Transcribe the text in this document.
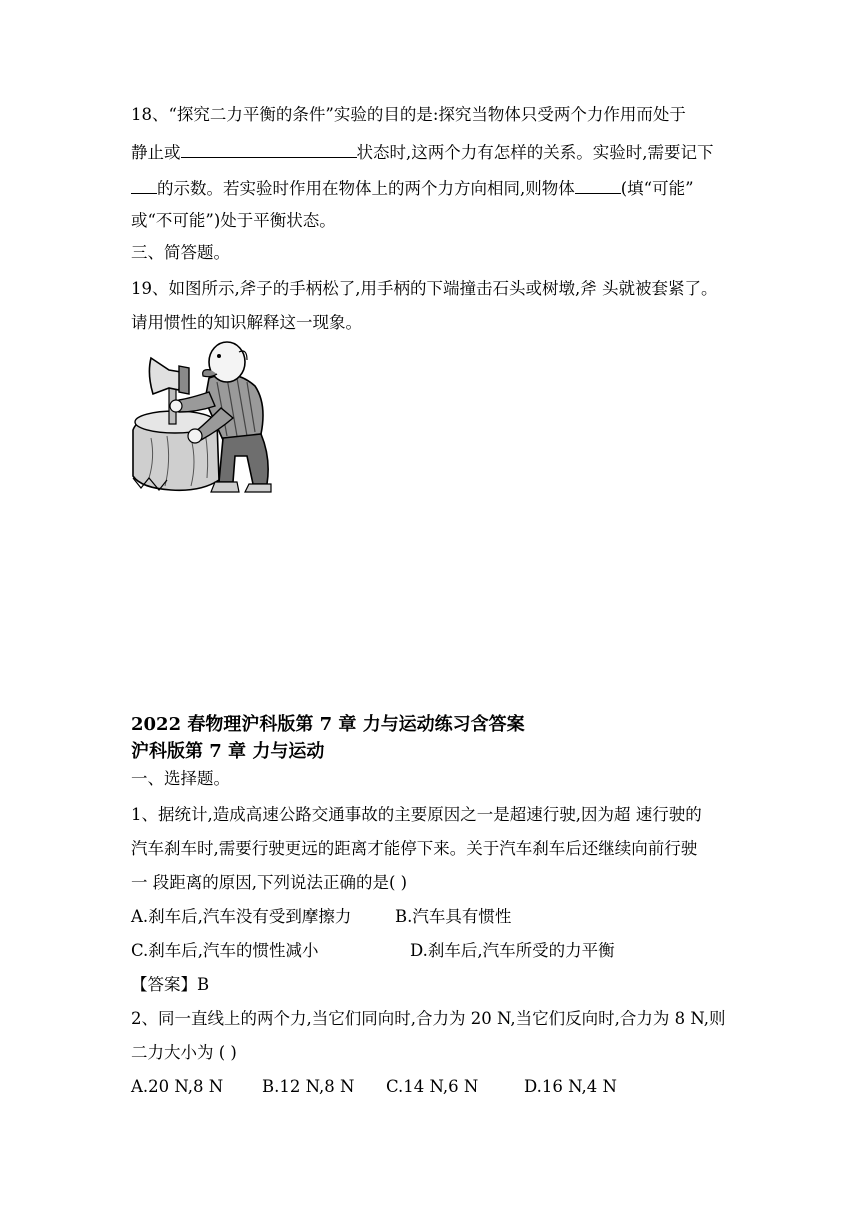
18、“探究二力平衡的条件”实验的目的是:探究当物体只受两个力作用而处于
静止或	状态时,这两个力有怎样的关系。实验时,需要记下
的示数。若实验时作用在物体上的两个力方向相同,则物体	(填“可能”
或“不可能”)处于平衡状态。
三、简答题。
19、如图所示,斧子的手柄松了,用手柄的下端撞击石头或树墩,斧 头就被套紧了。
请用惯性的知识解释这一现象。
2022 春物理沪科版第 7 章 力与运动练习含答案
沪科版第 7 章 力与运动
一、选择题。
1、据统计,造成高速公路交通事故的主要原因之一是超速行驶,因为超 速行驶的
汽车刹车时,需要行驶更远的距离才能停下来。关于汽车刹车后还继续向前行驶
一 段距离的原因,下列说法正确的是( )
A.刹车后,汽车没有受到摩擦力	B.汽车具有惯性
C.刹车后,汽车的惯性减小	D.刹车后,汽车所受的力平衡
【答案】B
2、同一直线上的两个力,当它们同向时,合力为 20 N,当它们反向时,合力为 8 N,则
二力大小为 ( )
A.20 N,8 N B.12 N,8 N C.14 N,6 N	D.16 N,4 N
